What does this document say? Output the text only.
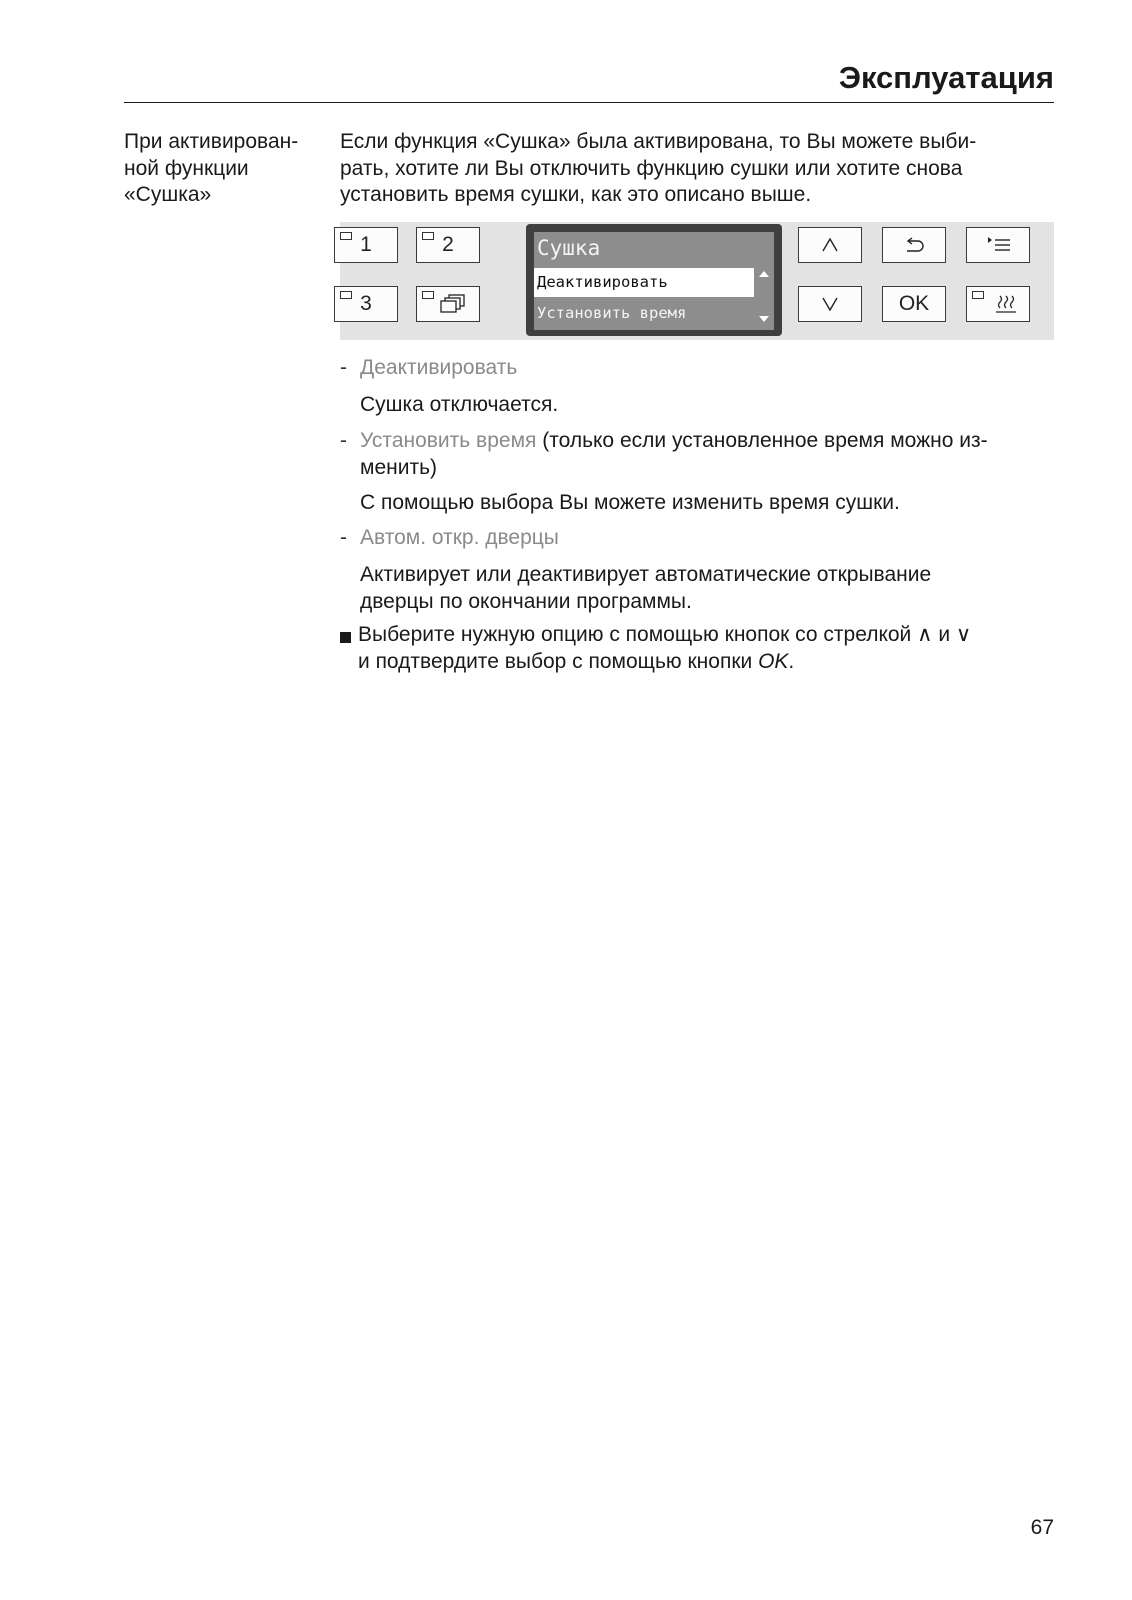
Эксплуатация
При активирован-
ной функции
«Сушка»
Если функция «Сушка» была активирована, то Вы можете выби-
рать, хотите ли Вы отключить функцию сушки или хотите снова
установить время сушки, как это описано выше.
1	2
3
Сушка
Деактивировать
Установить время	OK
- Деактивировать
Сушка отключается.
- Установить время (только если установленное время можно из-
менить)
С помощью выбора Вы можете изменить время сушки.
- Автом. откр. дверцы
Активирует или деактивирует автоматические открывание
дверцы по окончании программы.
Выберите нужную опцию с помощью кнопок со стрелкой ∧ и ∨
и подтвердите выбор с помощью кнопки OK.
67
